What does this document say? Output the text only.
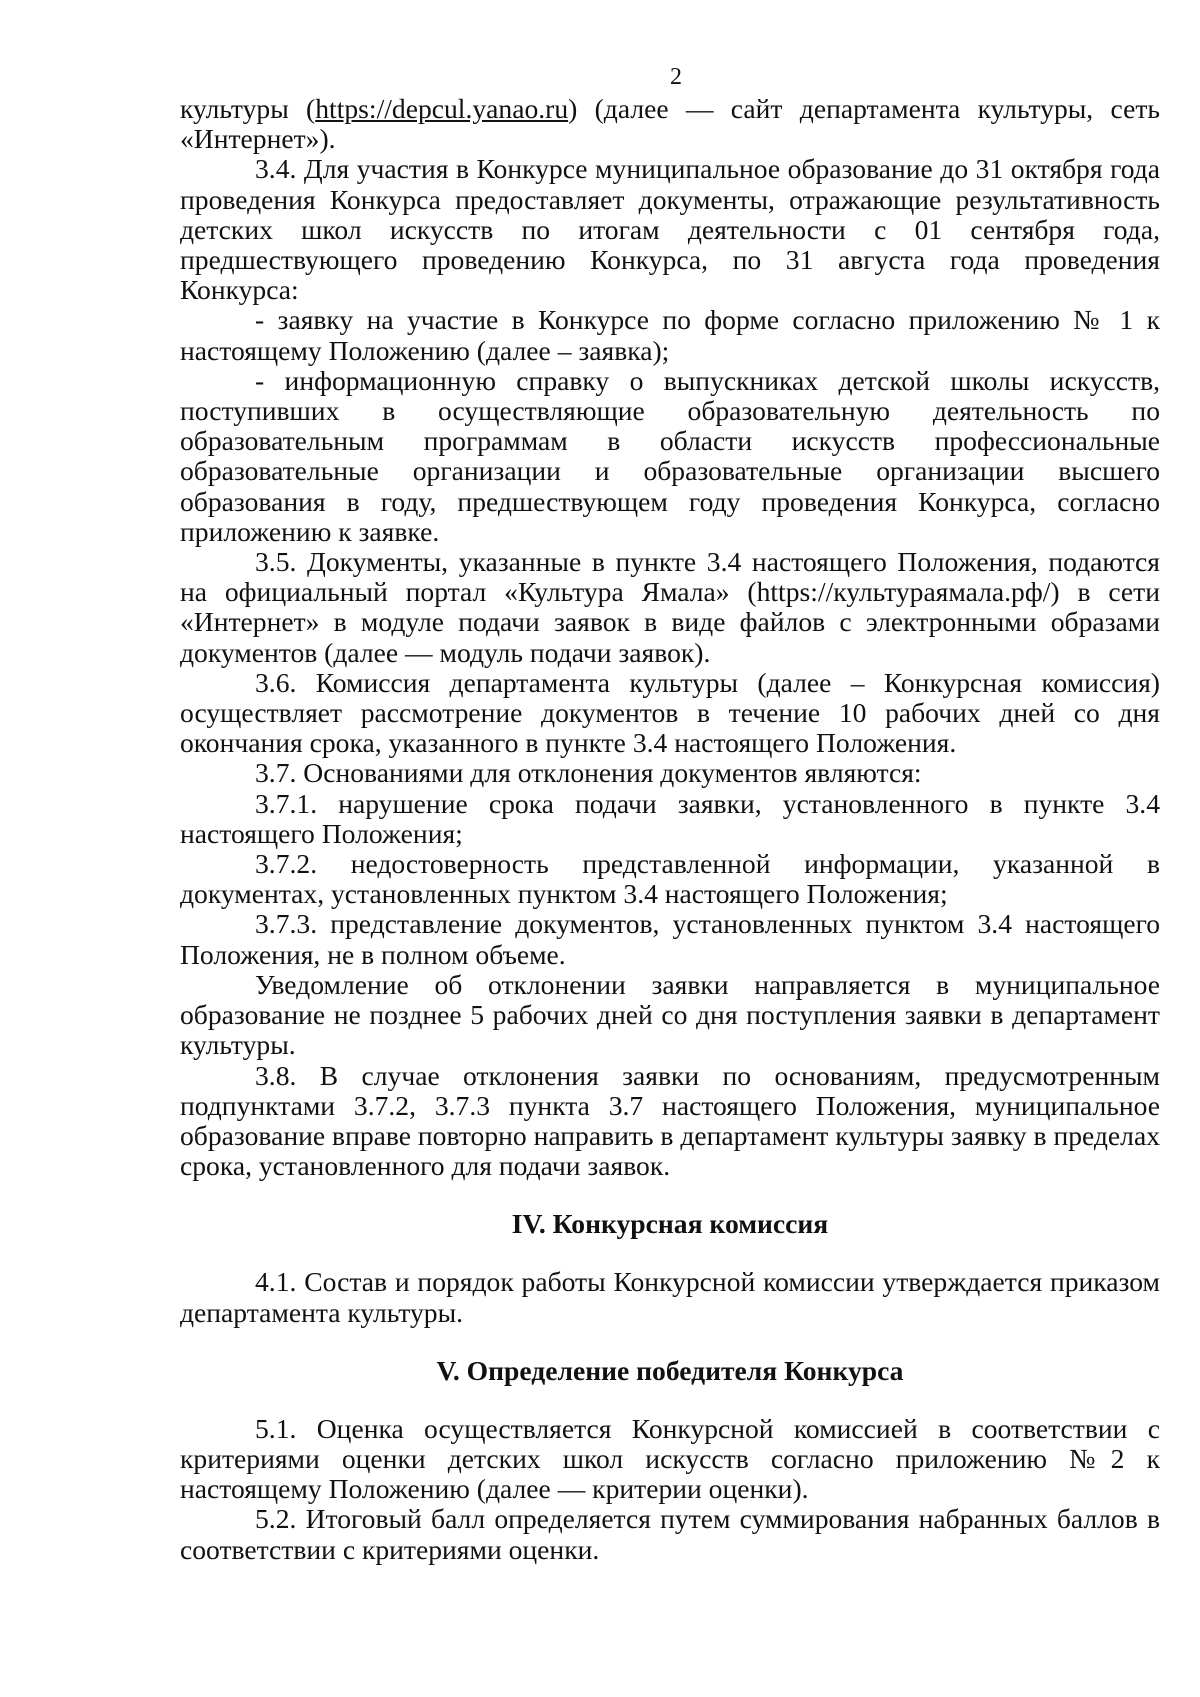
2

культуры (https://depcul.yanao.ru) (далее — сайт департамента культуры, сеть «Интернет»).

3.4. Для участия в Конкурсе муниципальное образование до 31 октября года проведения Конкурса предоставляет документы, отражающие результативность детских школ искусств по итогам деятельности с 01 сентября года, предшествующего проведению Конкурса, по 31 августа года проведения Конкурса:

- заявку на участие в Конкурсе по форме согласно приложению № 1 к настоящему Положению (далее – заявка);

- информационную справку о выпускниках детской школы искусств, поступивших в осуществляющие образовательную деятельность по образовательным программам в области искусств профессиональные образовательные организации и образовательные организации высшего образования в году, предшествующем году проведения Конкурса, согласно приложению к заявке.

3.5. Документы, указанные в пункте 3.4 настоящего Положения, подаются на официальный портал «Культура Ямала» (https://культураямала.рф/) в сети «Интернет» в модуле подачи заявок в виде файлов с электронными образами документов (далее — модуль подачи заявок).

3.6. Комиссия департамента культуры (далее – Конкурсная комиссия) осуществляет рассмотрение документов в течение 10 рабочих дней со дня окончания срока, указанного в пункте 3.4 настоящего Положения.

3.7. Основаниями для отклонения документов являются:

3.7.1. нарушение срока подачи заявки, установленного в пункте 3.4 настоящего Положения;

3.7.2. недостоверность представленной информации, указанной в документах, установленных пунктом 3.4 настоящего Положения;

3.7.3. представление документов, установленных пунктом 3.4 настоящего Положения, не в полном объеме.

Уведомление об отклонении заявки направляется в муниципальное образование не позднее 5 рабочих дней со дня поступления заявки в департамент культуры.

3.8. В случае отклонения заявки по основаниям, предусмотренным подпунктами 3.7.2, 3.7.3 пункта 3.7 настоящего Положения, муниципальное образование вправе повторно направить в департамент культуры заявку в пределах срока, установленного для подачи заявок.

IV. Конкурсная комиссия

4.1. Состав и порядок работы Конкурсной комиссии утверждается приказом департамента культуры.

V. Определение победителя Конкурса

5.1. Оценка осуществляется Конкурсной комиссией в соответствии с критериями оценки детских школ искусств согласно приложению №2 к настоящему Положению (далее — критерии оценки).

5.2. Итоговый балл определяется путем суммирования набранных баллов в соответствии с критериями оценки.
